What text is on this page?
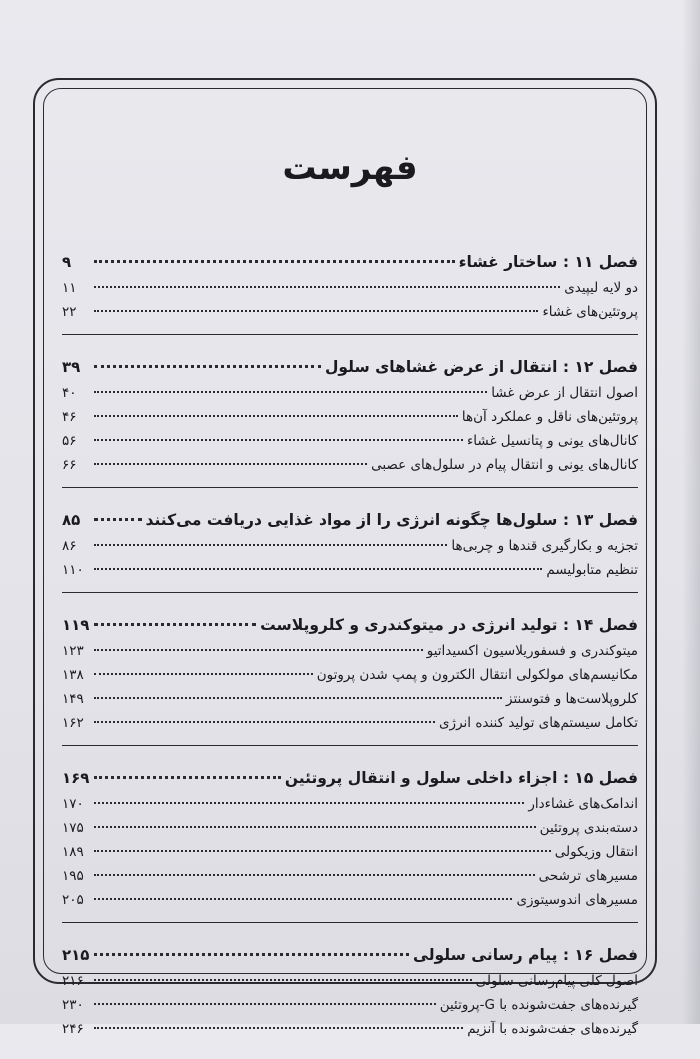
فهرست
فصل ۱۱ : ساختار غشاء
۹
دو لایه لیپیدی
۱۱
پروتئین‌های غشاء
۲۲
فصل ۱۲ : انتقال از عرض غشاهای سلول
۳۹
اصول انتقال از عرض غشا
۴۰
پروتئین‌های ناقل و عملکرد آن‌ها
۴۶
کانال‌های یونی و پتانسیل غشاء
۵۶
کانال‌های یونی و انتقال پیام در سلول‌های عصبی
۶۶
فصل ۱۳ : سلول‌ها چگونه انرژی را از مواد غذایی دریافت می‌کنند
۸۵
تجزیه و بکارگیری قندها و چربی‌ها
۸۶
تنظیم متابولیسم
۱۱۰
فصل ۱۴ : تولید انرژی در میتوکندری و کلروپلاست
۱۱۹
میتوکندری و فسفوریلاسیون اکسیداتیو
۱۲۳
مکانیسم‌های مولکولی انتقال الکترون و پمپ شدن پروتون
۱۳۸
کلروپلاست‌ها و فتوسنتز
۱۴۹
تکامل سیستم‌های تولید کننده انرژی
۱۶۲
فصل ۱۵ : اجزاء داخلی سلول و انتقال پروتئین
۱۶۹
اندامک‌های غشاءدار
۱۷۰
دسته‌بندی پروتئین
۱۷۵
انتقال وزیکولی
۱۸۹
مسیرهای ترشحی
۱۹۵
مسیرهای اندوسیتوزی
۲۰۵
فصل ۱۶ : پیام رسانی سلولی
۲۱۵
اصول کلی پیام‌رسانی سلولی
۲۱۶
گیرنده‌های جفت‌شونده با G-پروتئین
۲۳۰
گیرنده‌های جفت‌شونده با آنزیم
۲۴۶
